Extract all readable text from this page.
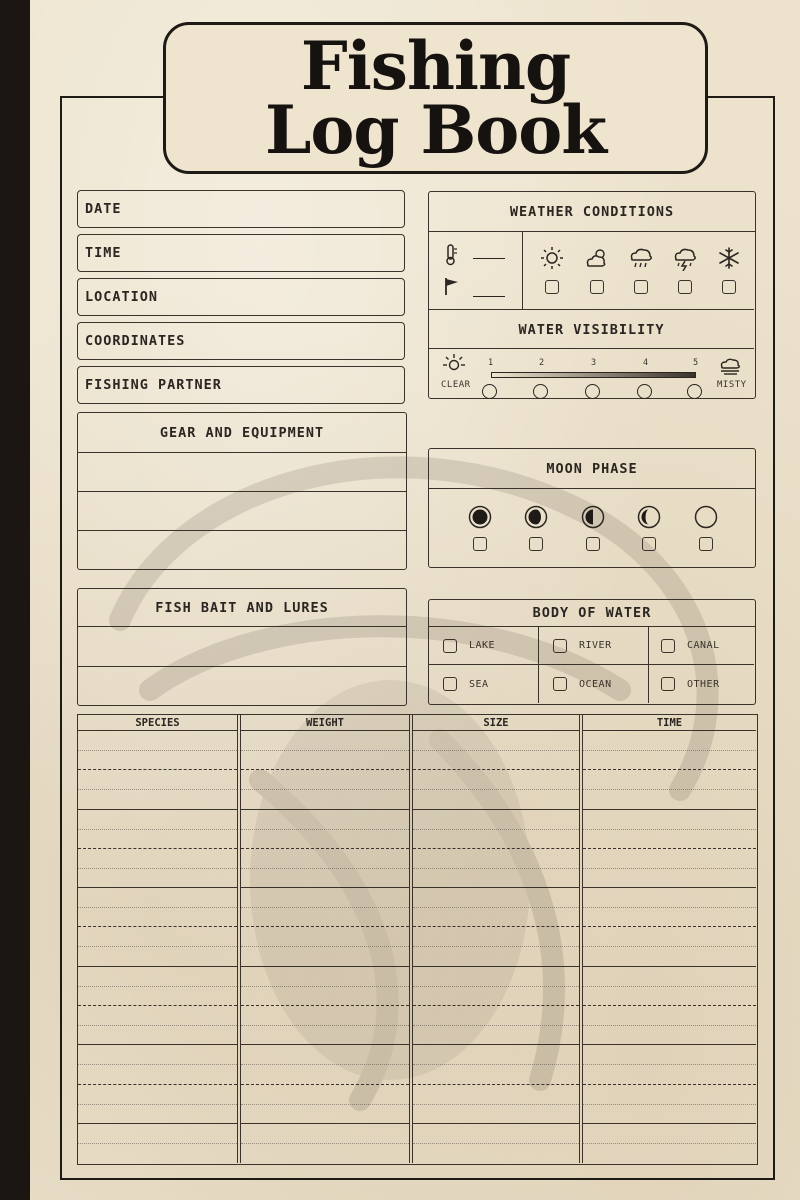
Fishing
Log Book
DATE
TIME
LOCATION
COORDINATES
FISHING PARTNER
GEAR AND EQUIPMENT
FISH BAIT AND LURES
WEATHER CONDITIONS
WATER VISIBILITY
CLEAR
1	2	3	4	5
MISTY
MOON PHASE
BODY OF WATER
LAKE	RIVER	CANAL
SEA	OCEAN	OTHER
SPECIES	WEIGHT	SIZE	TIME
